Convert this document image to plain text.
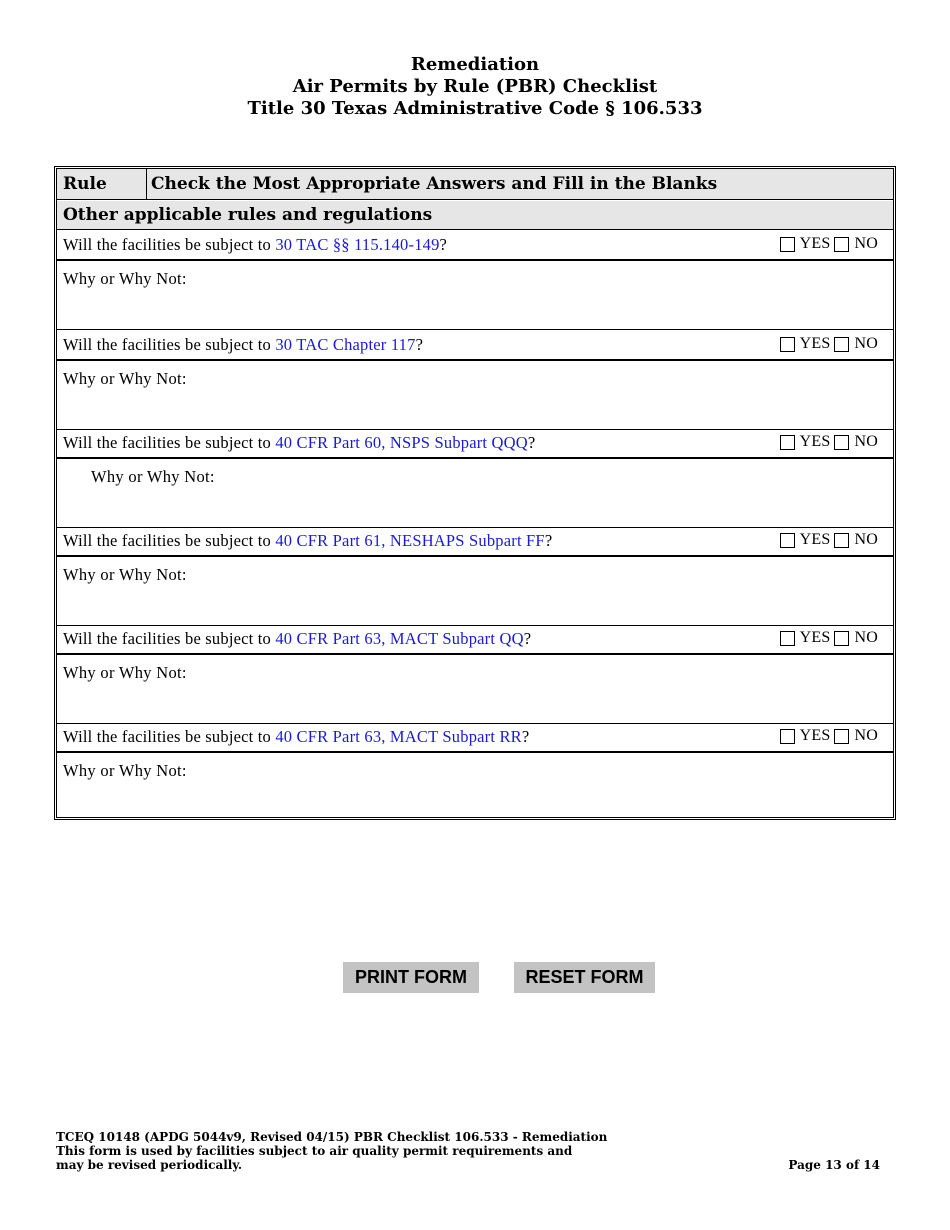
Remediation
Air Permits by Rule (PBR) Checklist
Title 30 Texas Administrative Code § 106.533
Rule	Check the Most Appropriate Answers and Fill in the Blanks
Other applicable rules and regulations
Will the facilities be subject to 30 TAC §§ 115.140-149?	YES NO
Why or Why Not:
Will the facilities be subject to 30 TAC Chapter 117?	YES NO
Why or Why Not:
Will the facilities be subject to 40 CFR Part 60, NSPS Subpart QQQ?	YES NO
Why or Why Not:
Will the facilities be subject to 40 CFR Part 61, NESHAPS Subpart FF?	YES NO
Why or Why Not:
Will the facilities be subject to 40 CFR Part 63, MACT Subpart QQ?	YES NO
Why or Why Not:
Will the facilities be subject to 40 CFR Part 63, MACT Subpart RR?	YES NO
Why or Why Not:
PRINT FORM	RESET FORM
TCEQ 10148 (APDG 5044v9, Revised 04/15) PBR Checklist 106.533 - Remediation
This form is used by facilities subject to air quality permit requirements and
may be revised periodically.	Page 13 of 14
